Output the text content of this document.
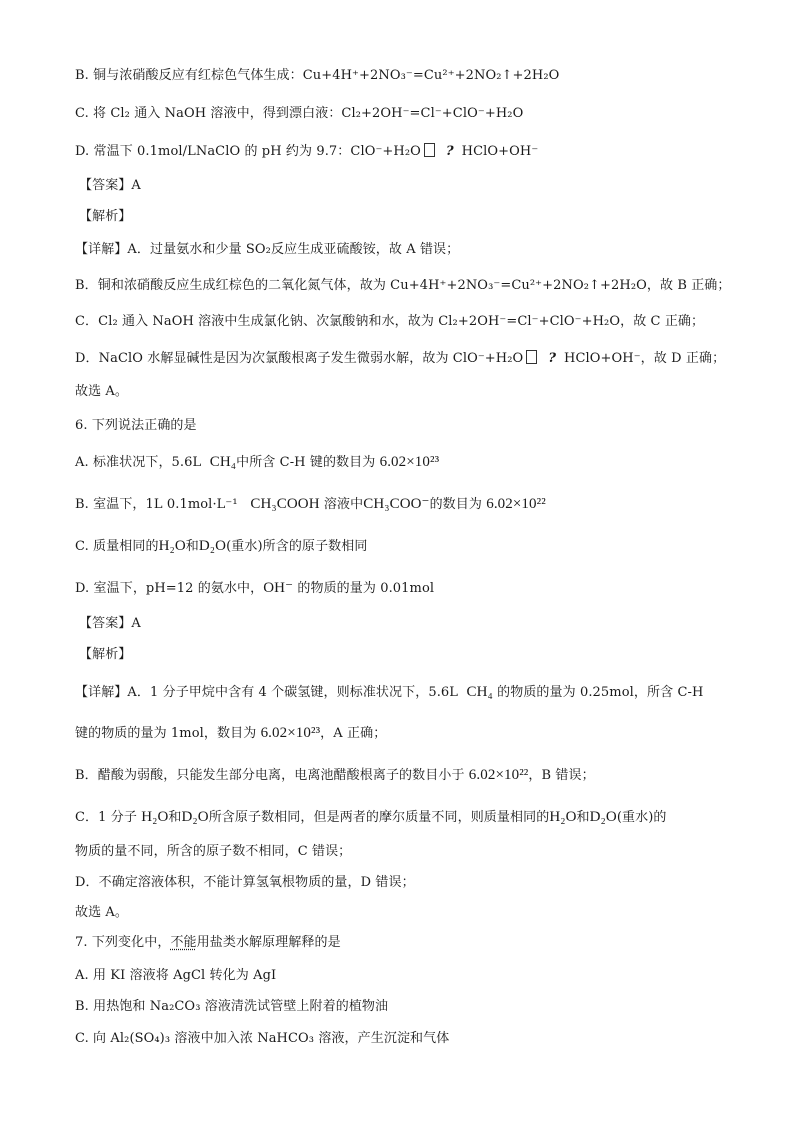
B. 铜与浓硝酸反应有红棕色气体生成：Cu+4H⁺+2NO₃⁻=Cu²⁺+2NO₂↑+2H₂O
C. 将 Cl₂ 通入 NaOH 溶液中，得到漂白液：Cl₂+2OH⁻=Cl⁻+ClO⁻+H₂O
D. 常温下 0.1mol/LNaClO 的 pH 约为 9.7：ClO⁻+H₂O ? HClO+OH⁻
【答案】A
【解析】
【详解】A．过量氨水和少量 SO₂反应生成亚硫酸铵，故 A 错误；
B．铜和浓硝酸反应生成红棕色的二氧化氮气体，故为 Cu+4H⁺+2NO₃⁻=Cu²⁺+2NO₂↑+2H₂O，故 B 正确；
C．Cl₂ 通入 NaOH 溶液中生成氯化钠、次氯酸钠和水，故为 Cl₂+2OH⁻=Cl⁻+ClO⁻+H₂O，故 C 正确；
D．NaClO 水解显碱性是因为次氯酸根离子发生微弱水解，故为 ClO⁻+H₂O ? HClO+OH⁻，故 D 正确；
故选 A。
6. 下列说法正确的是
A. 标准状况下，5.6L CH₄中所含 C-H 键的数目为 6.02×10²³
B. 室温下，1L 0.1mol·L⁻¹ CH₃COOH 溶液中CH₃COO⁻的数目为 6.02×10²²
C. 质量相同的H₂O和D₂O(重水)所含的原子数相同
D. 室温下，pH=12 的氨水中，OH⁻ 的物质的量为 0.01mol
【答案】A
【解析】
【详解】A．1 分子甲烷中含有 4 个碳氢键，则标准状况下，5.6L CH₄ 的物质的量为 0.25mol，所含 C-H
键的物质的量为 1mol，数目为 6.02×10²³，A 正确；
B．醋酸为弱酸，只能发生部分电离，电离池醋酸根离子的数目小于 6.02×10²²，B 错误；
C．1 分子 H₂O和D₂O所含原子数相同，但是两者的摩尔质量不同，则质量相同的H₂O和D₂O(重水)的
物质的量不同，所含的原子数不相同，C 错误；
D．不确定溶液体积，不能计算氢氧根物质的量，D 错误；
故选 A。
7. 下列变化中，不能用盐类水解原理解释的是
A. 用 KI 溶液将 AgCl 转化为 AgI
B. 用热饱和 Na₂CO₃ 溶液清洗试管壁上附着的植物油
C. 向 Al₂(SO₄)₃ 溶液中加入浓 NaHCO₃ 溶液，产生沉淀和气体
